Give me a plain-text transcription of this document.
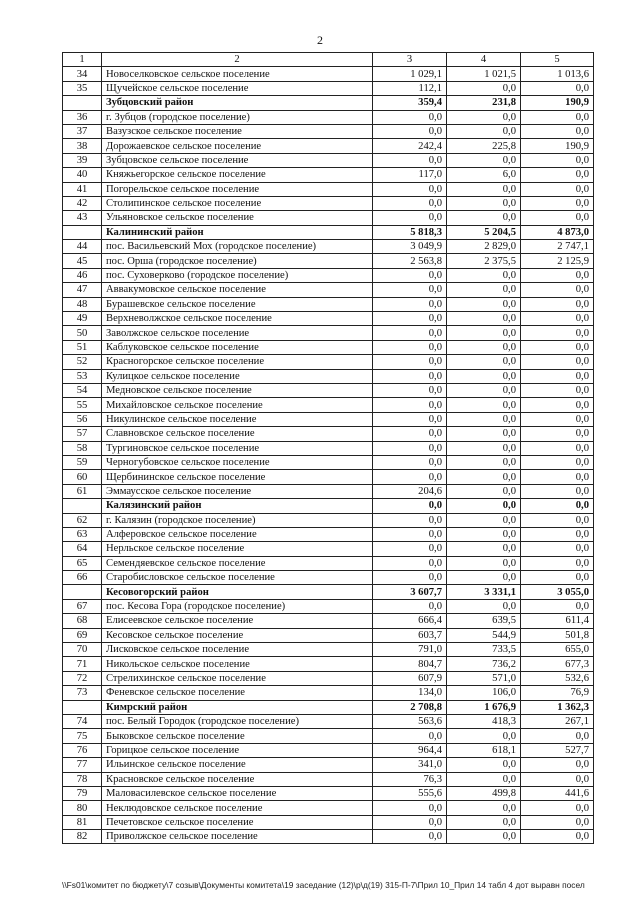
2
1	2	3	4	5
34	Новоселковское сельское поселение	1 029,1	1 021,5	1 013,6
35	Щучейское сельское поселение	112,1	0,0	0,0
	Зубцовский район	359,4	231,8	190,9
36	г. Зубцов (городское поселение)	0,0	0,0	0,0
37	Вазузское сельское поселение	0,0	0,0	0,0
38	Дорожаевское сельское поселение	242,4	225,8	190,9
39	Зубцовское сельское поселение	0,0	0,0	0,0
40	Княжьегорское сельское поселение	117,0	6,0	0,0
41	Погорельское сельское поселение	0,0	0,0	0,0
42	Столипинское сельское поселение	0,0	0,0	0,0
43	Ульяновское сельское поселение	0,0	0,0	0,0
	Калининский район	5 818,3	5 204,5	4 873,0
44	пос. Васильевский Мох (городское поселение)	3 049,9	2 829,0	2 747,1
45	пос. Орша (городское поселение)	2 563,8	2 375,5	2 125,9
46	пос. Суховерково (городское поселение)	0,0	0,0	0,0
47	Аввакумовское сельское поселение	0,0	0,0	0,0
48	Бурашевское сельское поселение	0,0	0,0	0,0
49	Верхневолжское сельское поселение	0,0	0,0	0,0
50	Заволжское сельское поселение	0,0	0,0	0,0
51	Каблуковское сельское поселение	0,0	0,0	0,0
52	Красногорское сельское поселение	0,0	0,0	0,0
53	Кулицкое сельское поселение	0,0	0,0	0,0
54	Медновское сельское поселение	0,0	0,0	0,0
55	Михайловское сельское поселение	0,0	0,0	0,0
56	Никулинское сельское поселение	0,0	0,0	0,0
57	Славновское сельское поселение	0,0	0,0	0,0
58	Тургиновское сельское поселение	0,0	0,0	0,0
59	Черногубовское сельское поселение	0,0	0,0	0,0
60	Щербининское сельское поселение	0,0	0,0	0,0
61	Эммаусское сельское поселение	204,6	0,0	0,0
	Калязинский район	0,0	0,0	0,0
62	г. Калязин (городское поселение)	0,0	0,0	0,0
63	Алферовское сельское поселение	0,0	0,0	0,0
64	Нерльское сельское поселение	0,0	0,0	0,0
65	Семендяевское сельское поселение	0,0	0,0	0,0
66	Старобисловское сельское поселение	0,0	0,0	0,0
	Кесовогорский район	3 607,7	3 331,1	3 055,0
67	пос. Кесова Гора (городское поселение)	0,0	0,0	0,0
68	Елисеевское сельское поселение	666,4	639,5	611,4
69	Кесовское сельское поселение	603,7	544,9	501,8
70	Лисковское сельское поселение	791,0	733,5	655,0
71	Никольское сельское поселение	804,7	736,2	677,3
72	Стрелихинское сельское поселение	607,9	571,0	532,6
73	Феневское сельское поселение	134,0	106,0	76,9
	Кимрский район	2 708,8	1 676,9	1 362,3
74	пос. Белый Городок (городское поселение)	563,6	418,3	267,1
75	Быковское сельское поселение	0,0	0,0	0,0
76	Горицкое сельское поселение	964,4	618,1	527,7
77	Ильинское сельское поселение	341,0	0,0	0,0
78	Красновское сельское поселение	76,3	0,0	0,0
79	Маловасилевское сельское поселение	555,6	499,8	441,6
80	Неклюдовское сельское поселение	0,0	0,0	0,0
81	Печетовское сельское поселение	0,0	0,0	0,0
82	Приволжское сельское поселение	0,0	0,0	0,0
\\Fs01\комитет по бюджету\7 созыв\Документы комитета\19 заседание (12)\р\д(19) 315-П-7\Прил 10_Прил 14 табл 4 дот выравн посел
